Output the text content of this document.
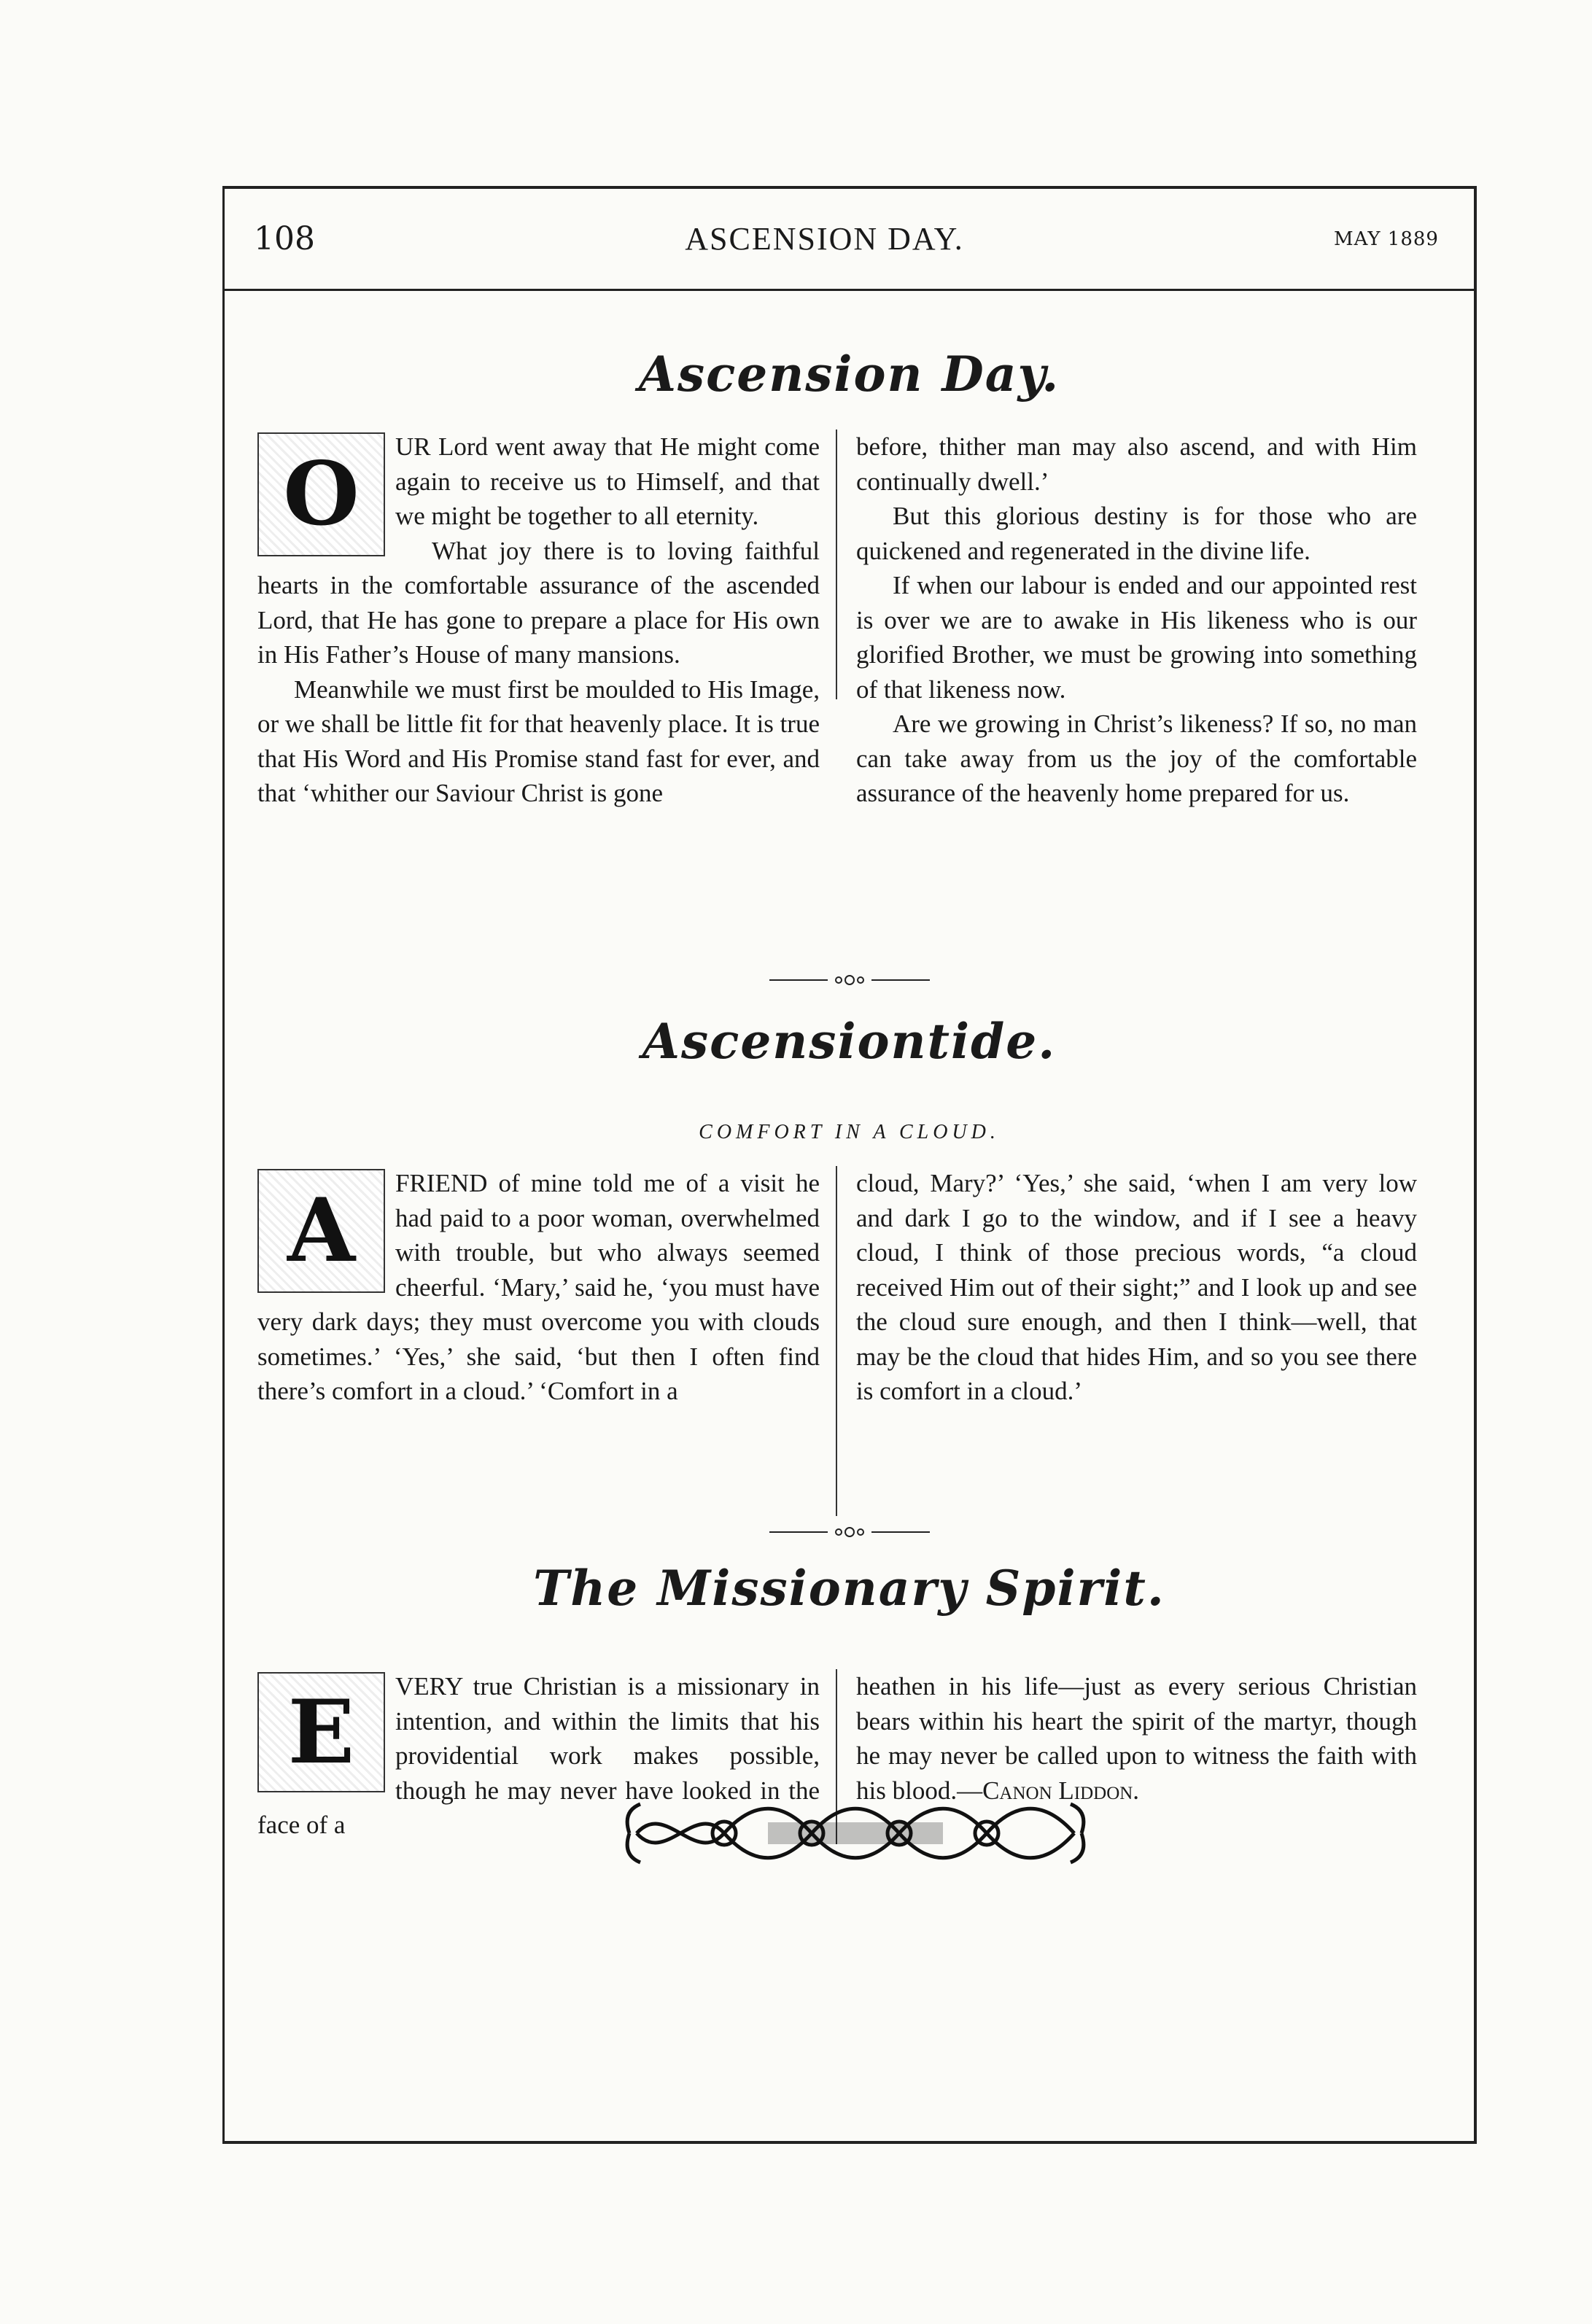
108	ASCENSION DAY.	MAY 1889
Ascension Day.
O	UR Lord went away that He might come again to receive us to Himself, and that we might be together to all eternity.

What joy there is to loving faithful hearts in the comfortable assurance of the ascended Lord, that He has gone to prepare a place for His own in His Father’s House of many mansions.

Meanwhile we must first be moulded to His Image, or we shall be little fit for that heavenly place. It is true that His Word and His Promise stand fast for ever, and that ‘whither our Saviour Christ is gone

before, thither man may also ascend, and with Him continually dwell.’

But this glorious destiny is for those who are quickened and regenerated in the divine life.

If when our labour is ended and our appointed rest is over we are to awake in His likeness who is our glorified Brother, we must be growing into something of that likeness now.

Are we growing in Christ’s likeness? If so, no man can take away from us the joy of the comfortable assurance of the heavenly home prepared for us.

Ascensiontide.
COMFORT IN A CLOUD.
A	FRIEND of mine told me of a visit he had paid to a poor woman, overwhelmed with trouble, but who always seemed cheerful. ‘Mary,’ said he, ‘you must have very dark days; they must overcome you with clouds sometimes.’ ‘Yes,’ she said, ‘but then I often find there’s comfort in a cloud.’ ‘Comfort in a

cloud, Mary?’ ‘Yes,’ she said, ‘when I am very low and dark I go to the window, and if I see a heavy cloud, I think of those precious words, “a cloud received Him out of their sight;” and I look up and see the cloud sure enough, and then I think—well, that may be the cloud that hides Him, and so you see there is comfort in a cloud.’

The Missionary Spirit.
E	VERY true Christian is a missionary in intention, and within the limits that his providential work makes possible, though he may never have looked in the face of a

heathen in his life—just as every serious Christian bears within his heart the spirit of the martyr, though he may never be called upon to witness the faith with his blood.—Canon Liddon.
